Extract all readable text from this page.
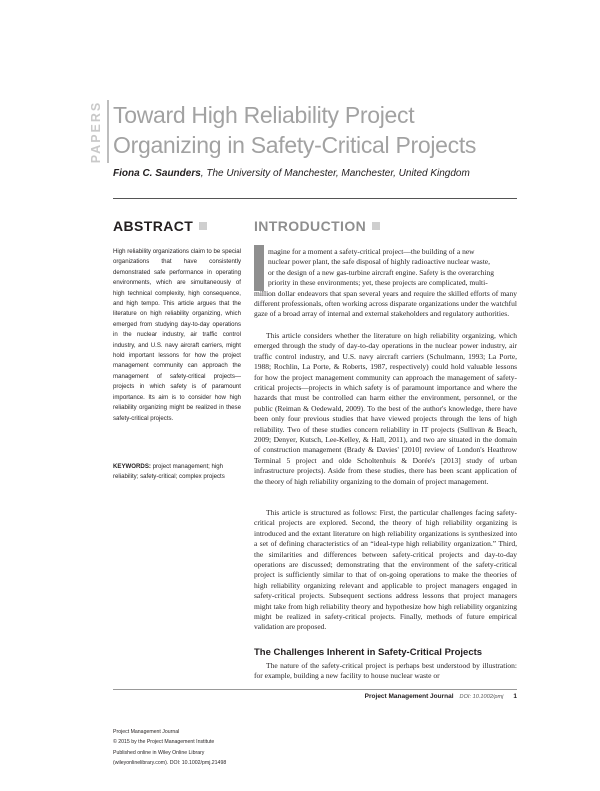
PAPERS Toward High Reliability Project
Organizing in Safety-Critical Projects
Fiona C. Saunders, The University of Manchester, Manchester, United Kingdom
ABSTRACT

High reliability organizations claim to be special organizations that have consistently demonstrated safe performance in operating environments, which are simultaneously of high technical complexity, high consequence, and high tempo. This article argues that the literature on high reliability organizing, which emerged from studying day-to-day operations in the nuclear industry, air traffic control industry, and U.S. navy aircraft carriers, might hold important lessons for how the project management community can approach the management of safety-critical projects—projects in which safety is of paramount importance. Its aim is to consider how high reliability organizing might be realized in these safety-critical projects.

KEYWORDS: project management; high reliability; safety-critical; complex projects

Project Management Journal
© 2015 by the Project Management Institute
Published online in Wiley Online Library
(wileyonlinelibrary.com). DOI: 10.1002/pmj.21498
INTRODUCTION
magine for a moment a safety-critical project—the building of a new
nuclear power plant, the safe disposal of highly radioactive nuclear waste,
or the design of a new gas-turbine aircraft engine. Safety is the overarching
priority in these environments; yet, these projects are complicated, multi-
million dollar endeavors that span several years and require the skilled efforts of many different professionals, often working across disparate organizations under the watchful gaze of a broad array of internal and external stakeholders and regulatory authorities.

This article considers whether the literature on high reliability organizing, which emerged through the study of day-to-day operations in the nuclear power industry, air traffic control industry, and U.S. navy aircraft carriers (Schulmann, 1993; La Porte, 1988; Rochlin, La Porte, & Roberts, 1987, respectively) could hold valuable lessons for how the project management community can approach the management of safety-critical projects—projects in which safety is of paramount importance and where the hazards that must be controlled can harm either the environment, personnel, or the public (Reiman & Oedewald, 2009). To the best of the author's knowledge, there have been only four previous studies that have viewed projects through the lens of high reliability. Two of these studies concern reliability in IT projects (Sullivan & Beach, 2009; Denyer, Kutsch, Lee-Kelley, & Hall, 2011), and two are situated in the domain of construction management (Brady & Davies' [2010] review of London's Heathrow Terminal 5 project and olde Scholtenhuis & Dorée's [2013] study of urban infrastructure projects). Aside from these studies, there has been scant application of the theory of high reliability organizing to the domain of project management.

This article is structured as follows: First, the particular challenges facing safety-critical projects are explored. Second, the theory of high reliability organizing is introduced and the extant literature on high reliability organizations is synthesized into a set of defining characteristics of an “ideal-type high reliability organization.” Third, the similarities and differences between safety-critical projects and day-to-day operations are discussed; demonstrating that the environment of the safety-critical project is sufficiently similar to that of on-going operations to make the theories of high reliability organizing relevant and applicable to project managers engaged in safety-critical projects. Subsequent sections address lessons that project managers might take from high reliability theory and hypothesize how high reliability organizing might be realized in safety-critical projects. Finally, methods of future empirical validation are proposed.

The Challenges Inherent in Safety-Critical Projects

The nature of the safety-critical project is perhaps best understood by illustration: for example, building a new facility to house nuclear waste or

Project Management Journal DOI: 10.1002/pmj 1
